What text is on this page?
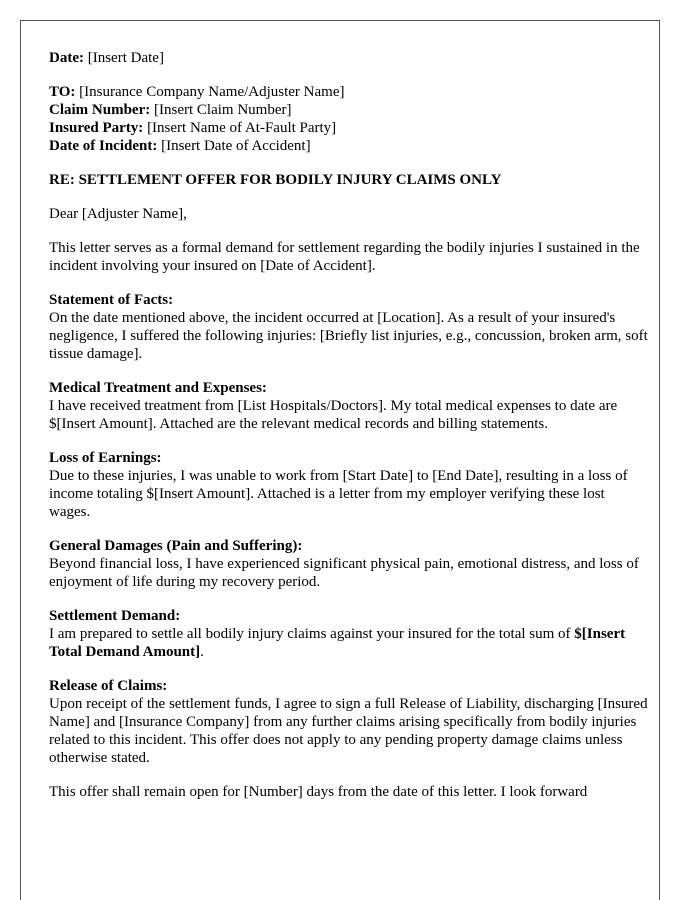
Date: [Insert Date]

TO: [Insurance Company Name/Adjuster Name]
Claim Number: [Insert Claim Number]
Insured Party: [Insert Name of At-Fault Party]
Date of Incident: [Insert Date of Accident]

RE: SETTLEMENT OFFER FOR BODILY INJURY CLAIMS ONLY

Dear [Adjuster Name],

This letter serves as a formal demand for settlement regarding the bodily injuries I sustained in the incident involving your insured on [Date of Accident].

Statement of Facts:
On the date mentioned above, the incident occurred at [Location]. As a result of your insured's negligence, I suffered the following injuries: [Briefly list injuries, e.g., concussion, broken arm, soft tissue damage].

Medical Treatment and Expenses:
I have received treatment from [List Hospitals/Doctors]. My total medical expenses to date are $[Insert Amount]. Attached are the relevant medical records and billing statements.

Loss of Earnings:
Due to these injuries, I was unable to work from [Start Date] to [End Date], resulting in a loss of income totaling $[Insert Amount]. Attached is a letter from my employer verifying these lost wages.

General Damages (Pain and Suffering):
Beyond financial loss, I have experienced significant physical pain, emotional distress, and loss of enjoyment of life during my recovery period.

Settlement Demand:
I am prepared to settle all bodily injury claims against your insured for the total sum of $[Insert Total Demand Amount].

Release of Claims:
Upon receipt of the settlement funds, I agree to sign a full Release of Liability, discharging [Insured Name] and [Insurance Company] from any further claims arising specifically from bodily injuries related to this incident. This offer does not apply to any pending property damage claims unless otherwise stated.

This offer shall remain open for [Number] days from the date of this letter. I look forward
